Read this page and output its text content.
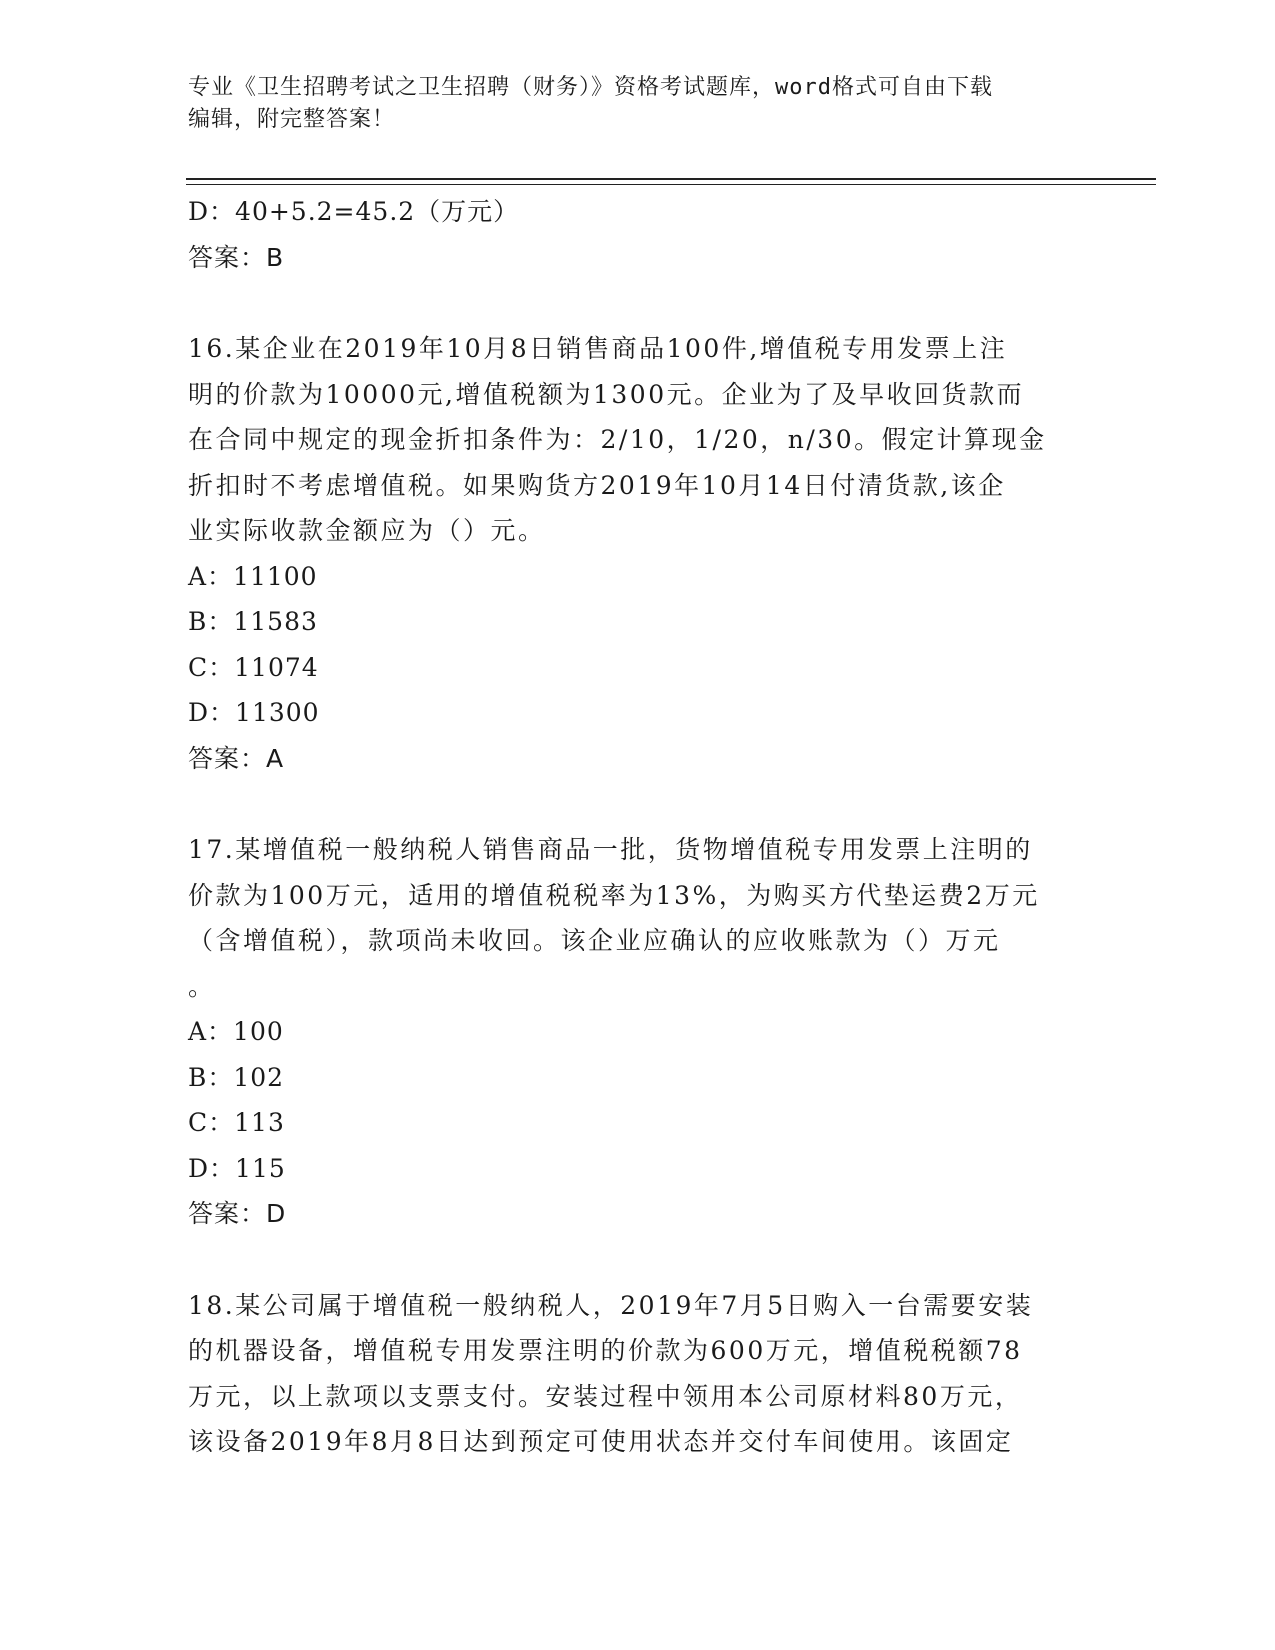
专业《卫生招聘考试之卫生招聘（财务）》资格考试题库，word格式可自由下载
编辑，附完整答案！
D：40+5.2=45.2（万元）
答案：B
16.某企业在2019年10月8日销售商品100件,增值税专用发票上注
明的价款为10000元,增值税额为1300元。企业为了及早收回货款而
在合同中规定的现金折扣条件为：2/10，1/20，n/30。假定计算现金
折扣时不考虑增值税。如果购货方2019年10月14日付清货款,该企
业实际收款金额应为（）元。
A：11100
B：11583
C：11074
D：11300
答案：A
17.某增值税一般纳税人销售商品一批，货物增值税专用发票上注明的
价款为100万元，适用的增值税税率为13%，为购买方代垫运费2万元
（含增值税），款项尚未收回。该企业应确认的应收账款为（）万元
。
A：100
B：102
C：113
D：115
答案：D
18.某公司属于增值税一般纳税人，2019年7月5日购入一台需要安装
的机器设备，增值税专用发票注明的价款为600万元，增值税税额78
万元，以上款项以支票支付。安装过程中领用本公司原材料80万元，
该设备2019年8月8日达到预定可使用状态并交付车间使用。该固定
